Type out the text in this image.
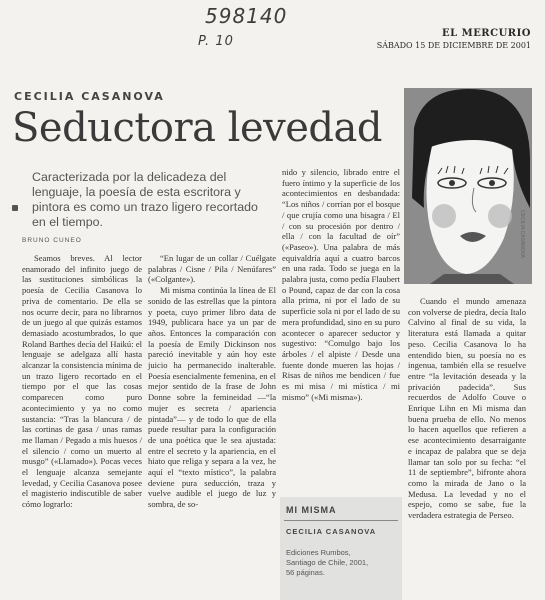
598140
P. 10
EL MERCURIO
SÁBADO 15 DE DICIEMBRE DE 2001
CECILIA CASANOVA
Seductora levedad
Caracterizada por la delicadeza del lenguaje, la poesía de esta escritora y pintora es como un trazo ligero recortado en el tiempo.
BRUNO CUNEO	CECILIA CASANOVA

Seamos breves. Al lector enamorado del infinito juego de las sustituciones simbólicas la poesía de Cecilia Casanova lo priva de comentario. De ella se nos ocurre decir, para no librarnos de un juego al que quizás estamos demasiado acostumbrados, lo que Roland Barthes decía del Haikú: el lenguaje se adelgaza allí hasta alcanzar la consistencia mínima de un trazo ligero recortado en el tiempo por el que las cosas comparecen como puro acontecimiento y ya no como sustancia: “Tras la blancura / de las cortinas de gasa / unas ramas me llaman / Pegado a mis huesos / el silencio / como un muerto al musgo” («Llamado»). Pocas veces el lenguaje alcanza semejante levedad, y Cecilia Casanova posee el magisterio indiscutible de saber cómo lograrlo:

“En lugar de un collar / Cuélgate palabras / Cisne / Pila / Nenúfares” («Colgante»).

Mi misma continúa la línea de El sonido de las estrellas que la pintora y poeta, cuyo primer libro data de 1949, publicara hace ya un par de años. Entonces la comparación con la poesía de Emily Dickinson nos pareció inevitable y aún hoy este juicio ha permanecido inalterable. Poesía esencialmente femenina, en el mejor sentido de la frase de John Donne sobre la femineidad —“la mujer es secreta / apariencia pintada”— y de todo lo que de ella puede resultar para la configuración de una poética que le sea ajustada: entre el secreto y la apariencia, en el hiato que religa y separa a la vez, he aquí el “texto místico”, la palabra deviene pura seducción, traza y vuelve audible el juego de luz y sombra, de so-

nido y silencio, librado entre el fuero íntimo y la superficie de los acontecimientos en desbandada: “Los niños / corrían por el bosque / que crujía como una bisagra / El / con su procesión por dentro / ella / con la facultad de oír” («Paseo»). Una palabra de más equivaldría aquí a cuatro barcos en una rada. Todo se juega en la palabra justa, como pedía Flaubert o Pound, capaz de dar con la cosa alla prima, ni por el lado de su superficie sola ni por el lado de su mera profundidad, sino en su puro acontecer o aparecer seductor y sugestivo: “Comulgo bajo los árboles / el alpiste / Desde una fuente donde mueren las hojas / Risas de niños me bendicen / fue es mi misa / mi mística / mi mismo” («Mi misma»).

Cuando el mundo amenaza con volverse de piedra, decía Italo Calvino al final de su vida, la literatura está llamada a quitar peso. Cecilia Casanova lo ha entendido bien, su poesía no es ingenua, también ella se resuelve entre “la levitación deseada y la privación padecida”. Sus recuerdos de Adolfo Couve o Enrique Lihn en Mi misma dan buena prueba de ello. No menos lo hacen aquellos que refieren a ese acontecimiento desarraigante e incapaz de palabra que se deja llamar tan solo por su fecha: “el 11 de septiembre”, bifronte ahora como la mirada de Jano o la Medusa. La levedad y no el espejo, como se sabe, fue la verdadera estrategia de Perseo.

MI MISMA
CECILIA CASANOVA
Ediciones Rumbos,
Santiago de Chile, 2001,
56 páginas.
